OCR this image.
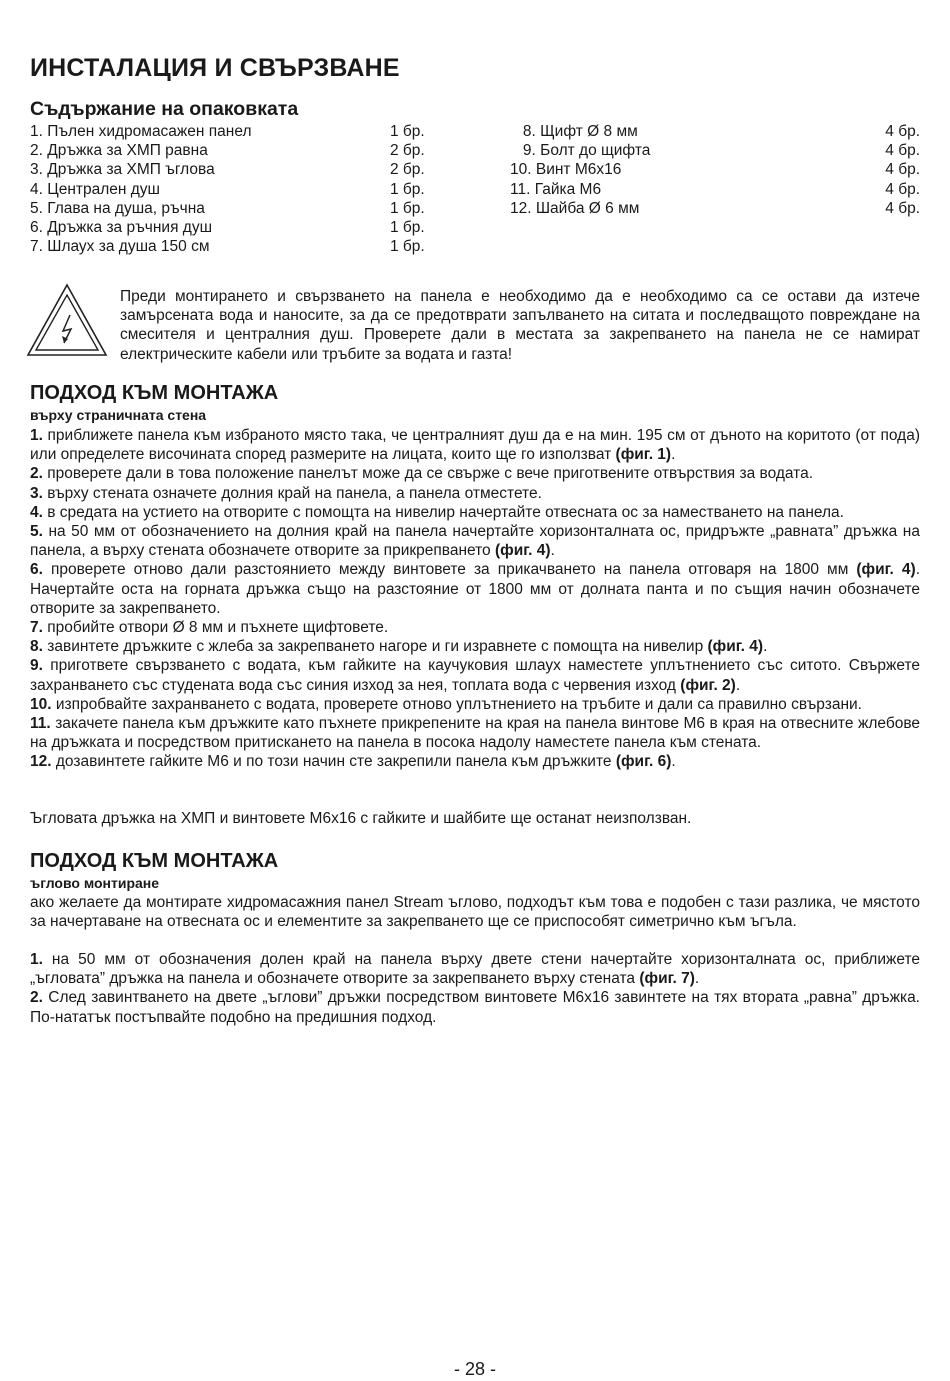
ИНСТАЛАЦИЯ И СВЪРЗВАНЕ
Съдържание на опаковката
1. Пълен хидромасажен панел	1 бр.
2. Дръжка за ХМП равна	2 бр.
3. Дръжка за ХМП ъглова	2 бр.
4. Централен душ	1 бр.
5. Глава на душа, ръчна	1 бр.
6. Дръжка за ръчния душ	1 бр.
7. Шлаух за душа 150 см	1 бр.
8. Щифт Ø 8 мм	4 бр.
9. Болт до щифта	4 бр.
10. Винт М6х16	4 бр.
11. Гайка М6	4 бр.
12. Шайба Ø 6 мм	4 бр.
Преди монтирането и свързването на панела е необходимо да е необходимо са се остави да изтече замърсената вода и наносите, за да се предотврати запълването на ситата и последващото повреждане на смесителя и централния душ. Проверете дали в местата за закрепването на панела не се намират електрическите кабели или тръбите за водата и газта!
ПОДХОД КЪМ МОНТАЖА
върху страничната стена

1. приближете панела към избраното място така, че централният душ да е на мин. 195 см от дъното на коритото (от пода) или определете височината според размерите на лицата, които ще го използват (фиг. 1).

2. проверете дали в това положение панелът може да се свърже с вече приготвените отвърствия за водата.

3. върху стената означете долния край на панела, а панела отместете.

4. в средата на устието на отворите с помощта на нивелир начертайте отвесната ос за наместването на панела.

5. на 50 мм от обозначението на долния край на панела начертайте хоризонталната ос, придръжте „равната” дръжка на панела, а върху стената обозначете отворите за прикрепването (фиг. 4).

6. проверете отново дали разстоянието между винтовете за прикачването на панела отговаря на 1800 мм (фиг. 4). Начертайте оста на горната дръжка също на разстояние от 1800 мм от долната панта и по същия начин обозначете отворите за закрепването.

7. пробийте отвори Ø 8 мм и пъхнете щифтовете.

8. завинтете дръжките с жлеба за закрепването нагоре и ги изравнете с помощта на нивелир (фиг. 4).

9. пригответе свързването с водата, към гайките на каучуковия шлаух наместете уплътнението със ситото. Свържете захранването със студената вода със синия изход за нея, топлата вода с червения изход (фиг. 2).

10. изпробвайте захранването с водата, проверете отново уплътнението на тръбите и дали са правилно свързани.

11. закачете панела към дръжките като пъхнете прикрепените на края на панела винтове М6 в края на отвесните жлебове на дръжката и посредством притискането на панела в посока надолу наместете панела към стената.

12. дозавинтете гайките М6 и по този начин сте закрепили панела към дръжките (фиг. 6).

Ъгловата дръжка на ХМП и винтовете М6х16 с гайките и шайбите ще останат неизползван.

ПОДХОД КЪМ МОНТАЖА
ъглово монтиране

ако желаете да монтирате хидромасажния панел Stream ъглово, подходът към това е подобен с тази разлика, че мястото за начертаване на отвесната ос и елементите за закрепването ще се приспособят симетрично към ъгъла.

1. на 50 мм от обозначения долен край на панела върху двете стени начертайте хоризонталната ос, приближете „ъгловата” дръжка на панела и обозначете отворите за закрепването върху стената (фиг. 7).

2. След завинтването на двете „ъглови” дръжки посредством винтовете М6х16 завинтете на тях втората „равна” дръжка. По-нататък постъпвайте подобно на предишния подход.

- 28 -
